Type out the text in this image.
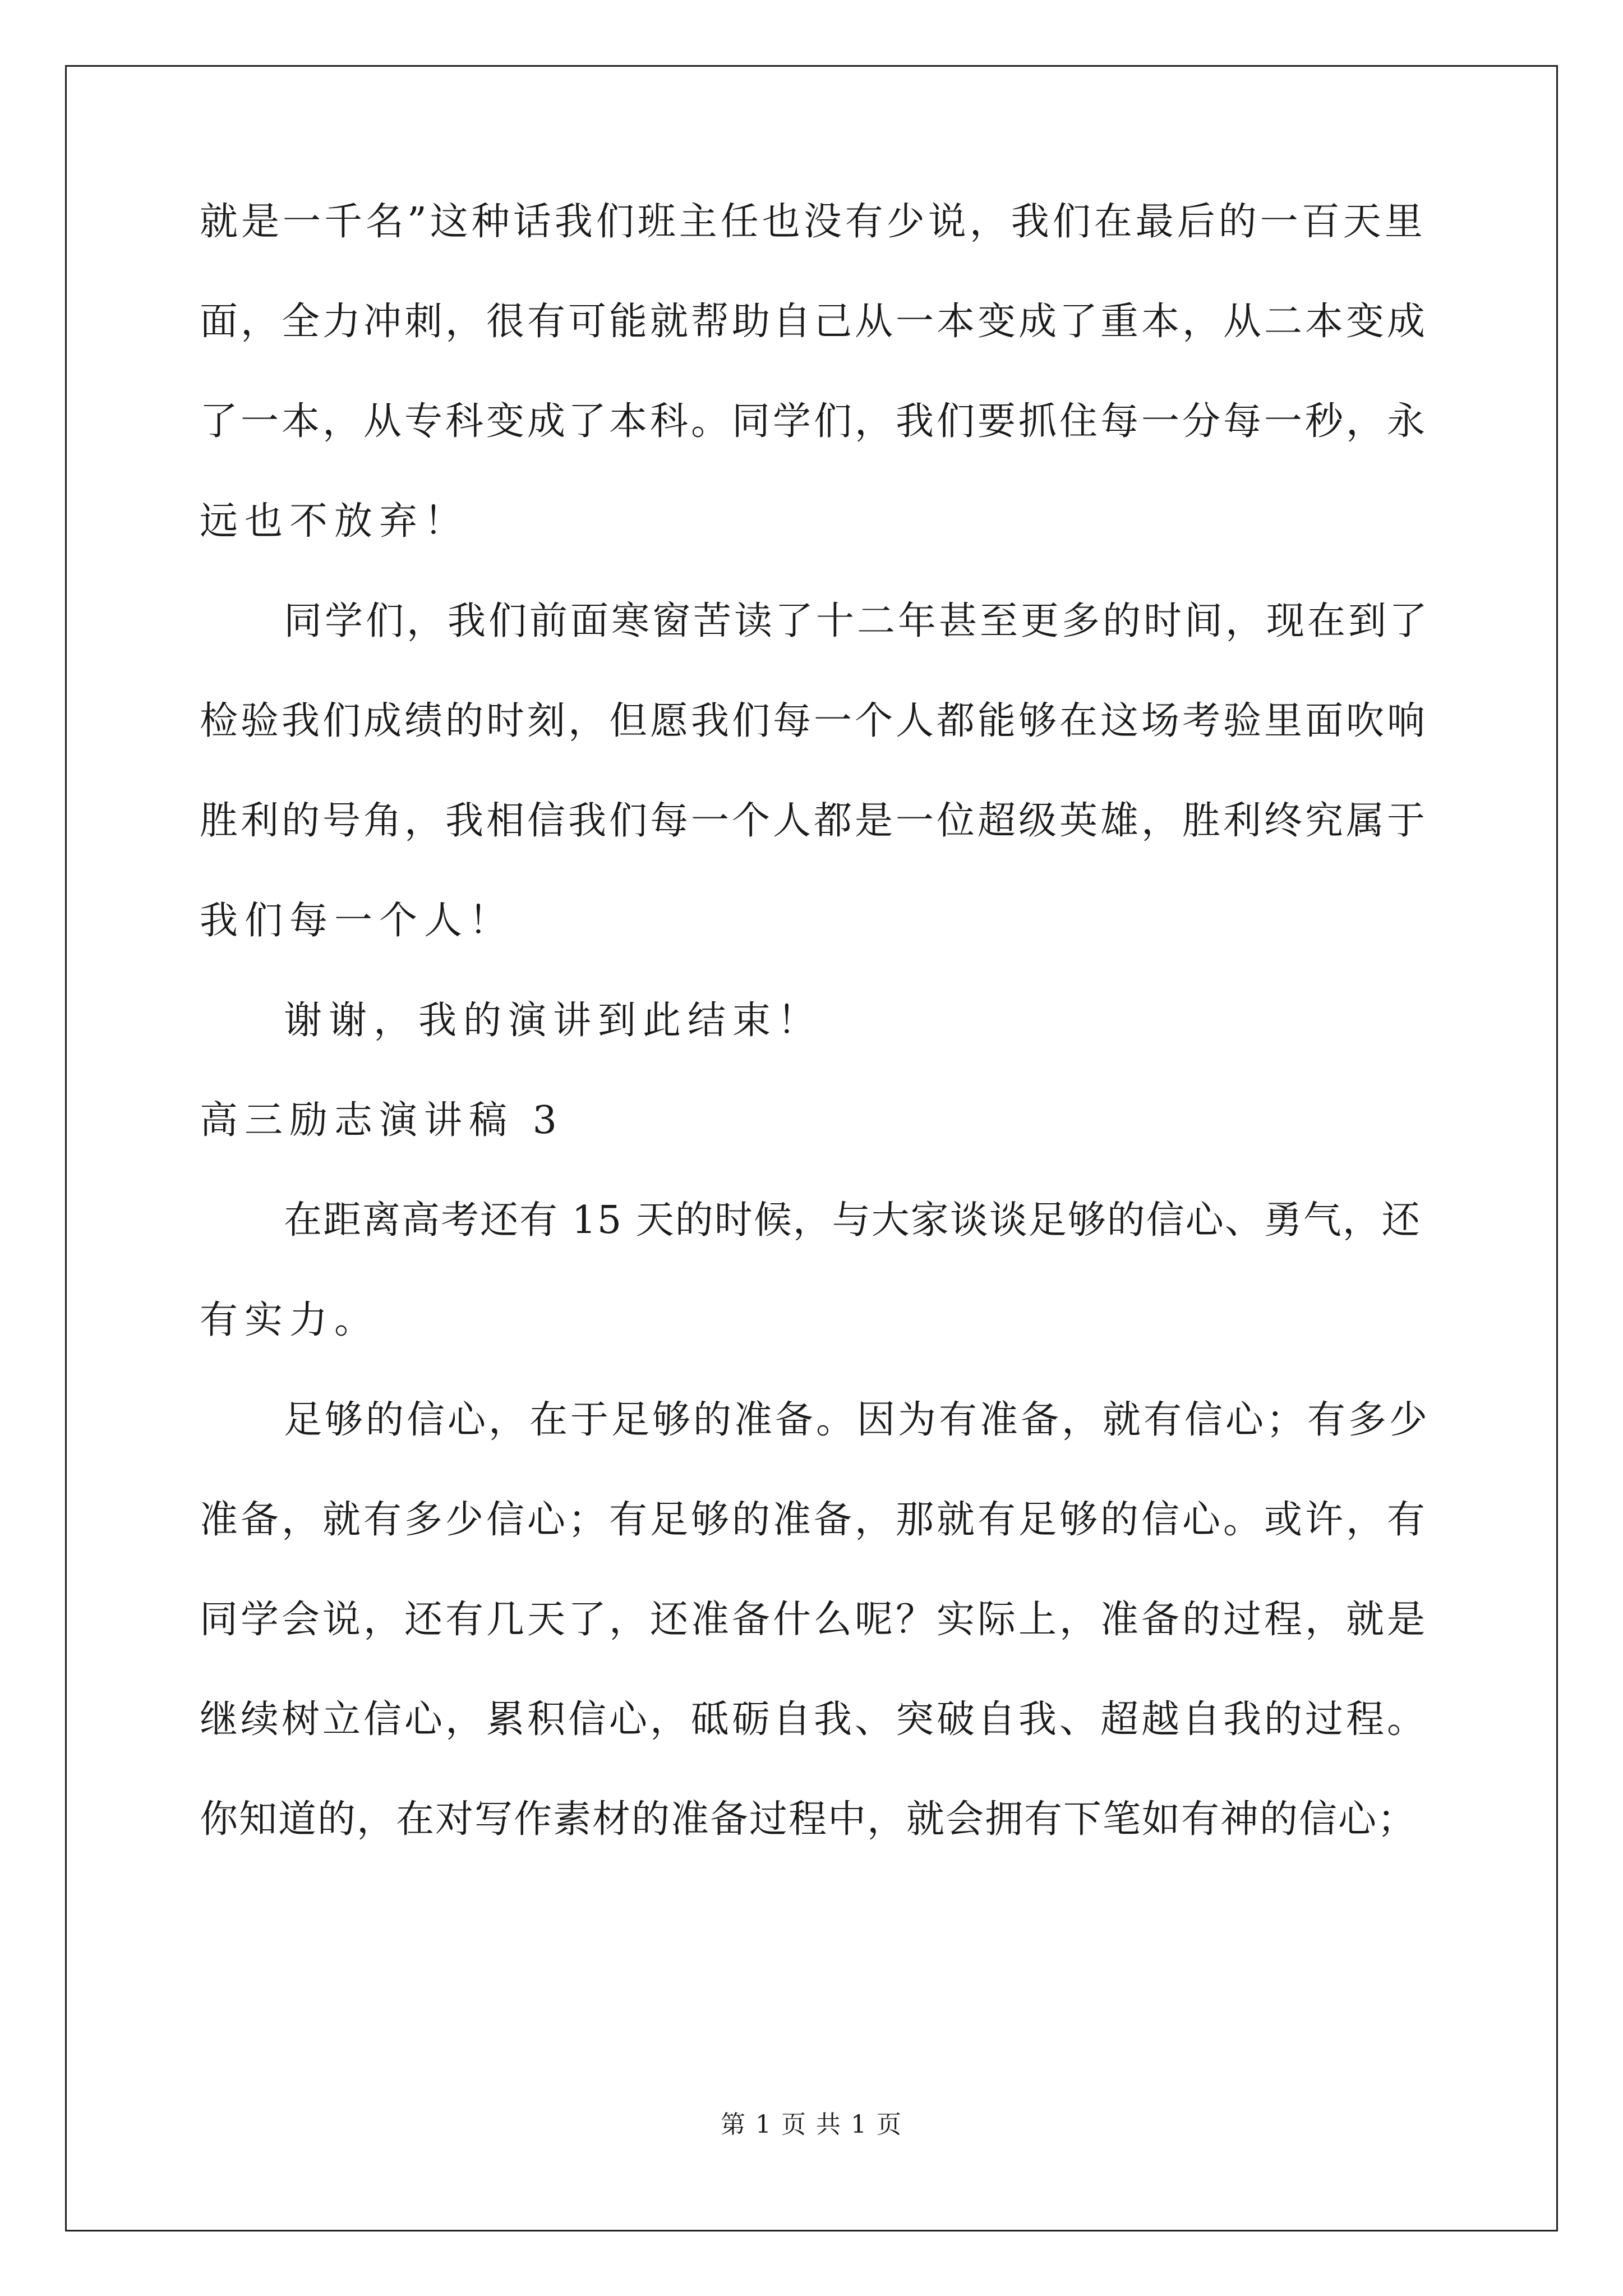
就是一千名”这种话我们班主任也没有少说，我们在最后的一百天里
面，全力冲刺，很有可能就帮助自己从一本变成了重本，从二本变成
了一本，从专科变成了本科。同学们，我们要抓住每一分每一秒，永
远也不放弃！
同学们，我们前面寒窗苦读了十二年甚至更多的时间，现在到了
检验我们成绩的时刻，但愿我们每一个人都能够在这场考验里面吹响
胜利的号角，我相信我们每一个人都是一位超级英雄，胜利终究属于
我们每一个人！
谢谢，我的演讲到此结束！
高三励志演讲稿 3
在距离高考还有 15 天的时候，与大家谈谈足够的信心、勇气，还
有实力。
足够的信心，在于足够的准备。因为有准备，就有信心；有多少
准备，就有多少信心；有足够的准备，那就有足够的信心。或许，有
同学会说，还有几天了，还准备什么呢？实际上，准备的过程，就是
继续树立信心，累积信心，砥砺自我、突破自我、超越自我的过程。
你知道的，在对写作素材的准备过程中，就会拥有下笔如有神的信心；
第 1 页 共 1 页
